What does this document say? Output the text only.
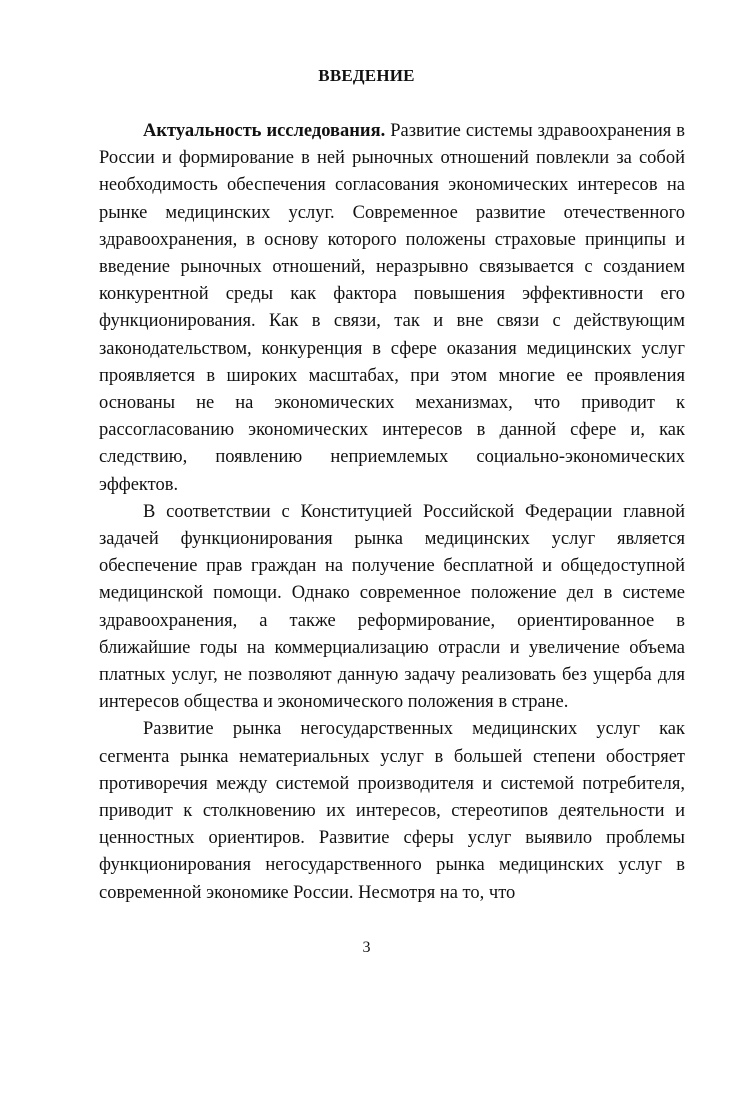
ВВЕДЕНИЕ

Актуальность исследования. Развитие системы здравоохранения в России и формирование в ней рыночных отношений повлекли за собой необходимость обеспечения согласования экономических интересов на рынке медицинских услуг. Современное развитие отечественного здравоохранения, в основу которого положены страховые принципы и введение рыночных отношений, неразрывно связывается с созданием конкурентной среды как фактора повышения эффективности его функционирования. Как в связи, так и вне связи с действующим законодательством, конкуренция в сфере оказания медицинских услуг проявляется в широких масштабах, при этом многие ее проявления основаны не на экономических механизмах, что приводит к рассогласованию экономических интересов в данной сфере и, как следствию, появлению неприемлемых социально-экономических эффектов.

В соответствии с Конституцией Российской Федерации главной задачей функционирования рынка медицинских услуг является обеспечение прав граждан на получение бесплатной и общедоступной медицинской помощи. Однако современное положение дел в системе здравоохранения, а также реформирование, ориентированное в ближайшие годы на коммерциализацию отрасли и увеличение объема платных услуг, не позволяют данную задачу реализовать без ущерба для интересов общества и экономического положения в стране.

Развитие рынка негосударственных медицинских услуг как сегмента рынка нематериальных услуг в большей степени обостряет противоречия между системой производителя и системой потребителя, приводит к столкновению их интересов, стереотипов деятельности и ценностных ориентиров. Развитие сферы услуг выявило проблемы функционирования негосударственного рынка медицинских услуг в современной экономике России. Несмотря на то, что

3
